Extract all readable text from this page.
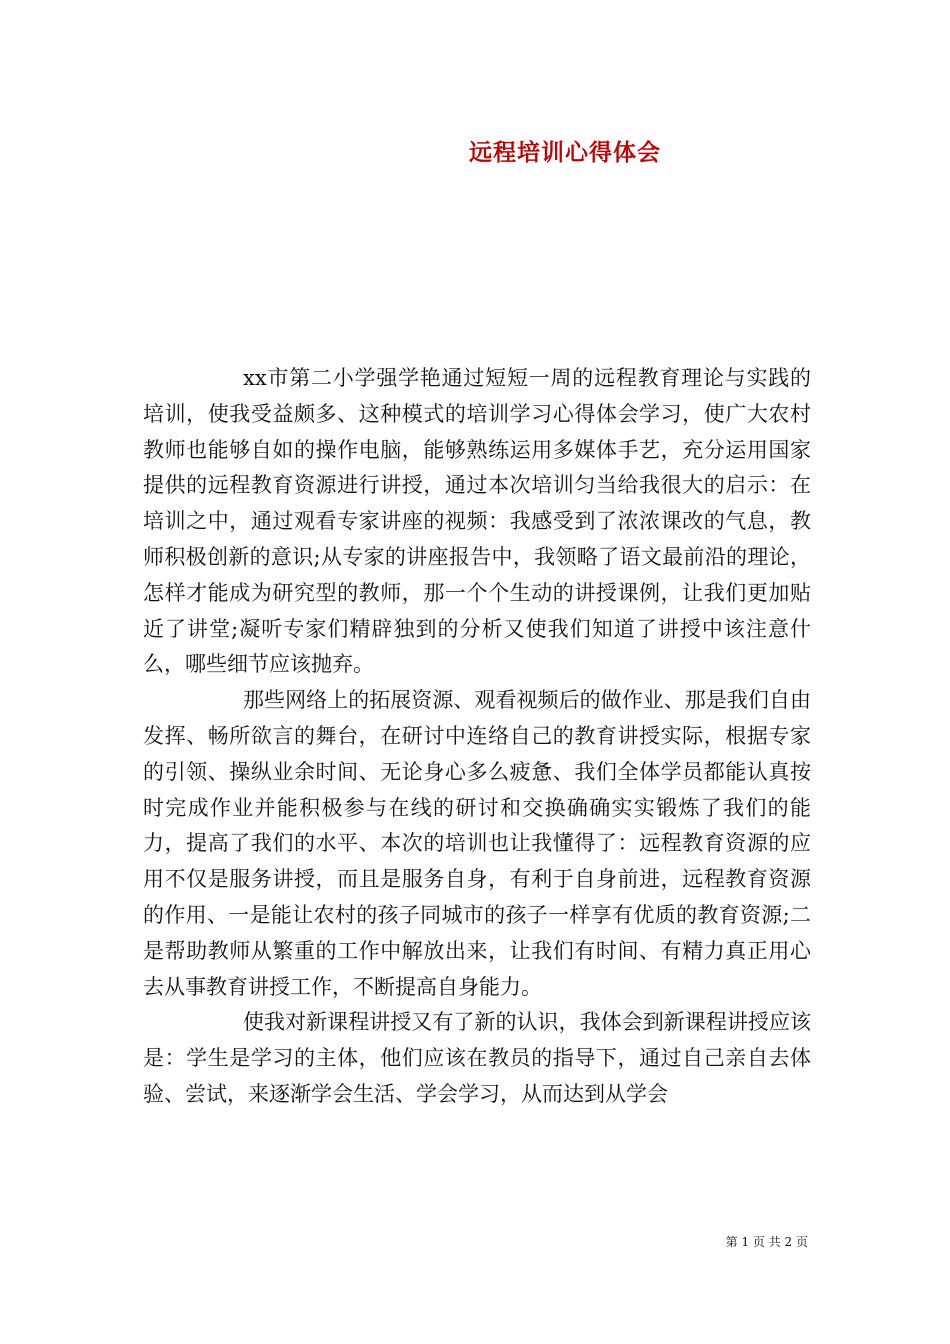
远程培训心得体会

xx市第二小学强学艳通过短短一周的远程教育理论与实践的培训，使我受益颇多、这种模式的培训学习心得体会学习，使广大农村教师也能够自如的操作电脑，能够熟练运用多媒体手艺，充分运用国家提供的远程教育资源进行讲授，通过本次培训匀当给我很大的启示：在培训之中，通过观看专家讲座的视频：我感受到了浓浓课改的气息，教师积极创新的意识;从专家的讲座报告中，我领略了语文最前沿的理论，怎样才能成为研究型的教师，那一个个生动的讲授课例，让我们更加贴近了讲堂;凝听专家们精辟独到的分析又使我们知道了讲授中该注意什么，哪些细节应该抛弃。

那些网络上的拓展资源、观看视频后的做作业、那是我们自由发挥、畅所欲言的舞台，在研讨中连络自己的教育讲授实际，根据专家的引领、操纵业余时间、无论身心多么疲惫、我们全体学员都能认真按时完成作业并能积极参与在线的研讨和交换确确实实锻炼了我们的能力，提高了我们的水平、本次的培训也让我懂得了：远程教育资源的应用不仅是服务讲授，而且是服务自身，有利于自身前进，远程教育资源的作用、一是能让农村的孩子同城市的孩子一样享有优质的教育资源;二是帮助教师从繁重的工作中解放出来，让我们有时间、有精力真正用心去从事教育讲授工作，不断提高自身能力。

使我对新课程讲授又有了新的认识，我体会到新课程讲授应该是：学生是学习的主体，他们应该在教员的指导下，通过自己亲自去体验、尝试，来逐渐学会生活、学会学习，从而达到从学会

第 1 页 共 2 页
